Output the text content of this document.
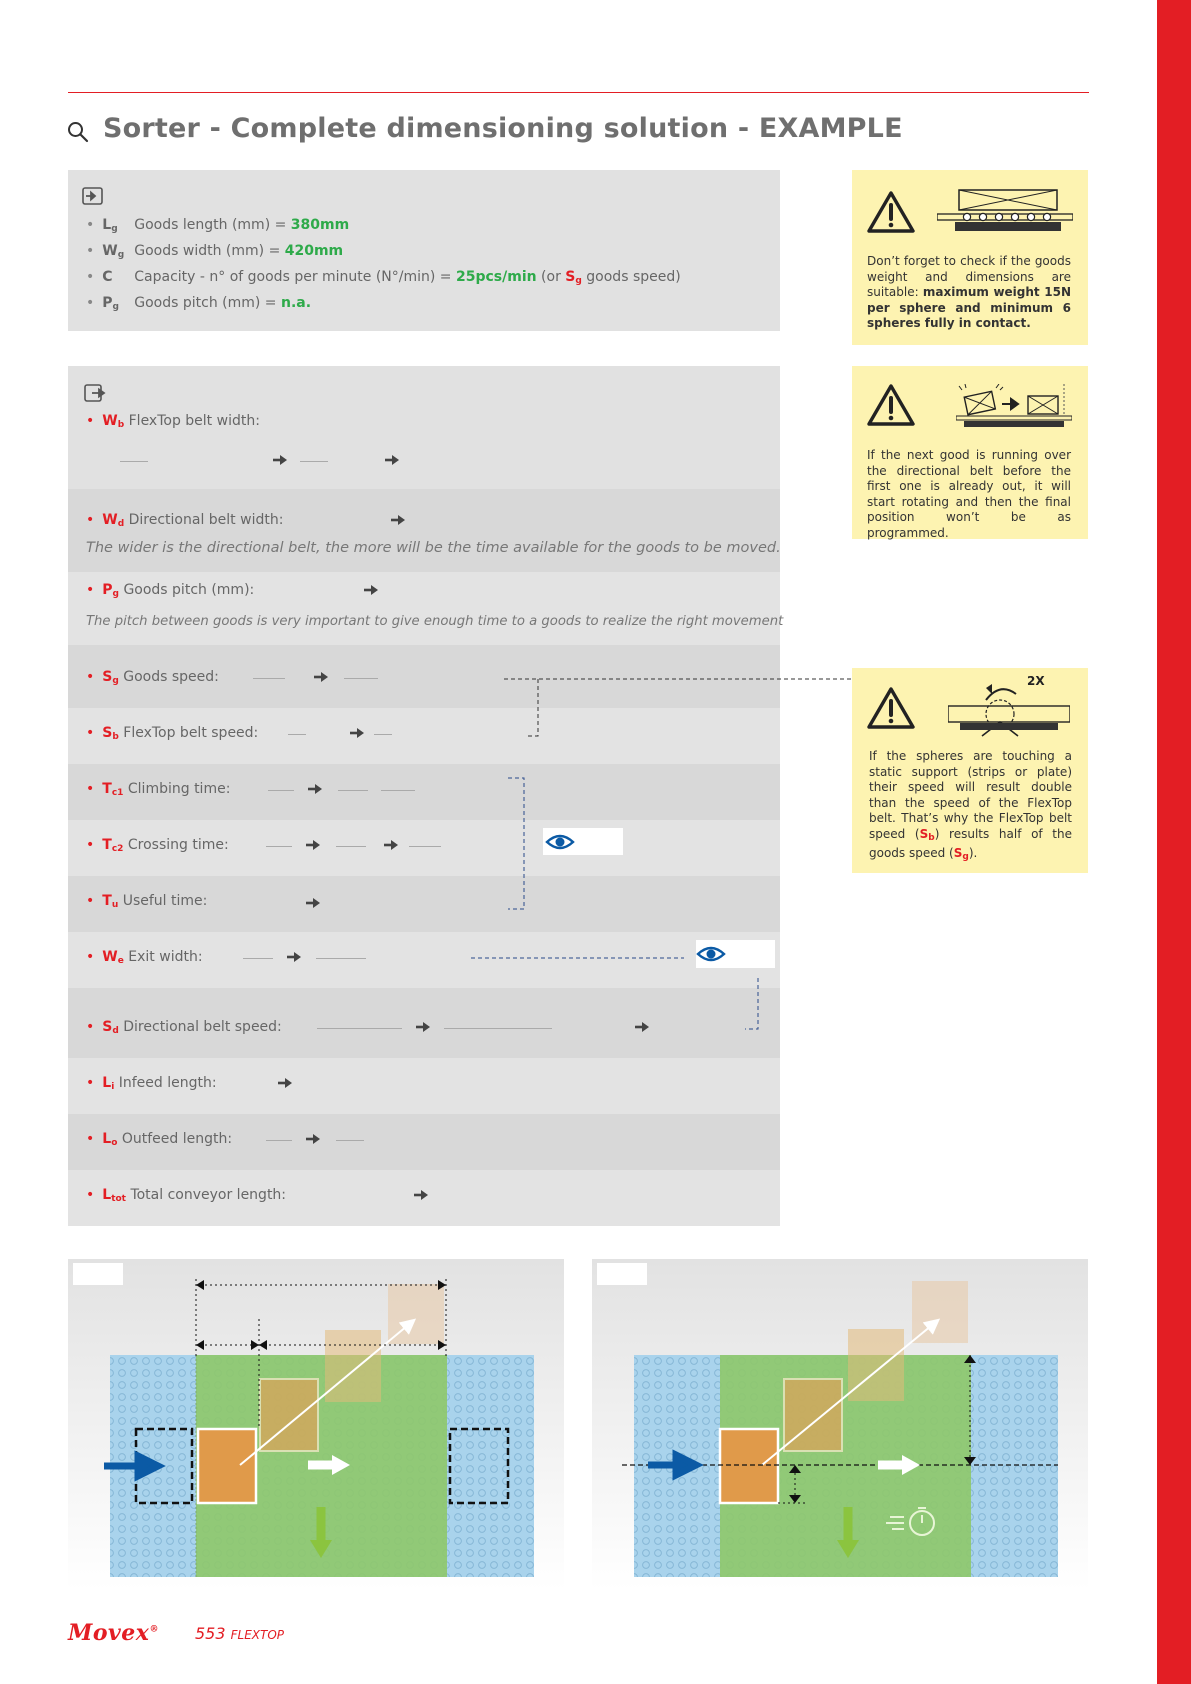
Sorter - Complete dimensioning solution - EXAMPLE
• $L_g$ Goods length (mm) = 380mm
• $W_g$ Goods width (mm) = 420mm
• C Capacity - n° of goods per minute (N°/min) = 25pcs/min (or $S_g$ goods speed)
• $P_g$ Goods pitch (mm) = n.a.
• $W_b$ FlexTop belt width:
• $W_d$ Directional belt width:
• $P_g$ Goods pitch (mm):
• $S_g$ Goods speed:
• $S_b$ FlexTop belt speed:
• $T_{c1}$ Climbing time:
• $T_{c2}$ Crossing time:
• $T_u$ Useful time:
• $W_e$ Exit width:
• $S_d$ Directional belt speed:
• $L_i$ Infeed length:
• $L_o$ Outfeed length:
• $L_{tot}$ Total conveyor length:
The wider is the directional belt, the more will be the time available for the goods to be moved.
The pitch between goods is very important to give enough time to a goods to realize the right movement
Don’t forget to check if the goods weight and dimensions are suitable: maximum weight 15N per sphere and minimum 6 spheres fully in contact.
If the next good is running over the directional belt before the first one is already out, it will start rotating and then the final position won’t be as programmed.
2X
If the spheres are touching a static support (strips or plate) their speed will result double than the speed of the FlexTop belt. That’s why the FlexTop belt speed $(S_b)$ results half of the goods speed $(S_g)$.
Movex® 553 FLEXTOP
